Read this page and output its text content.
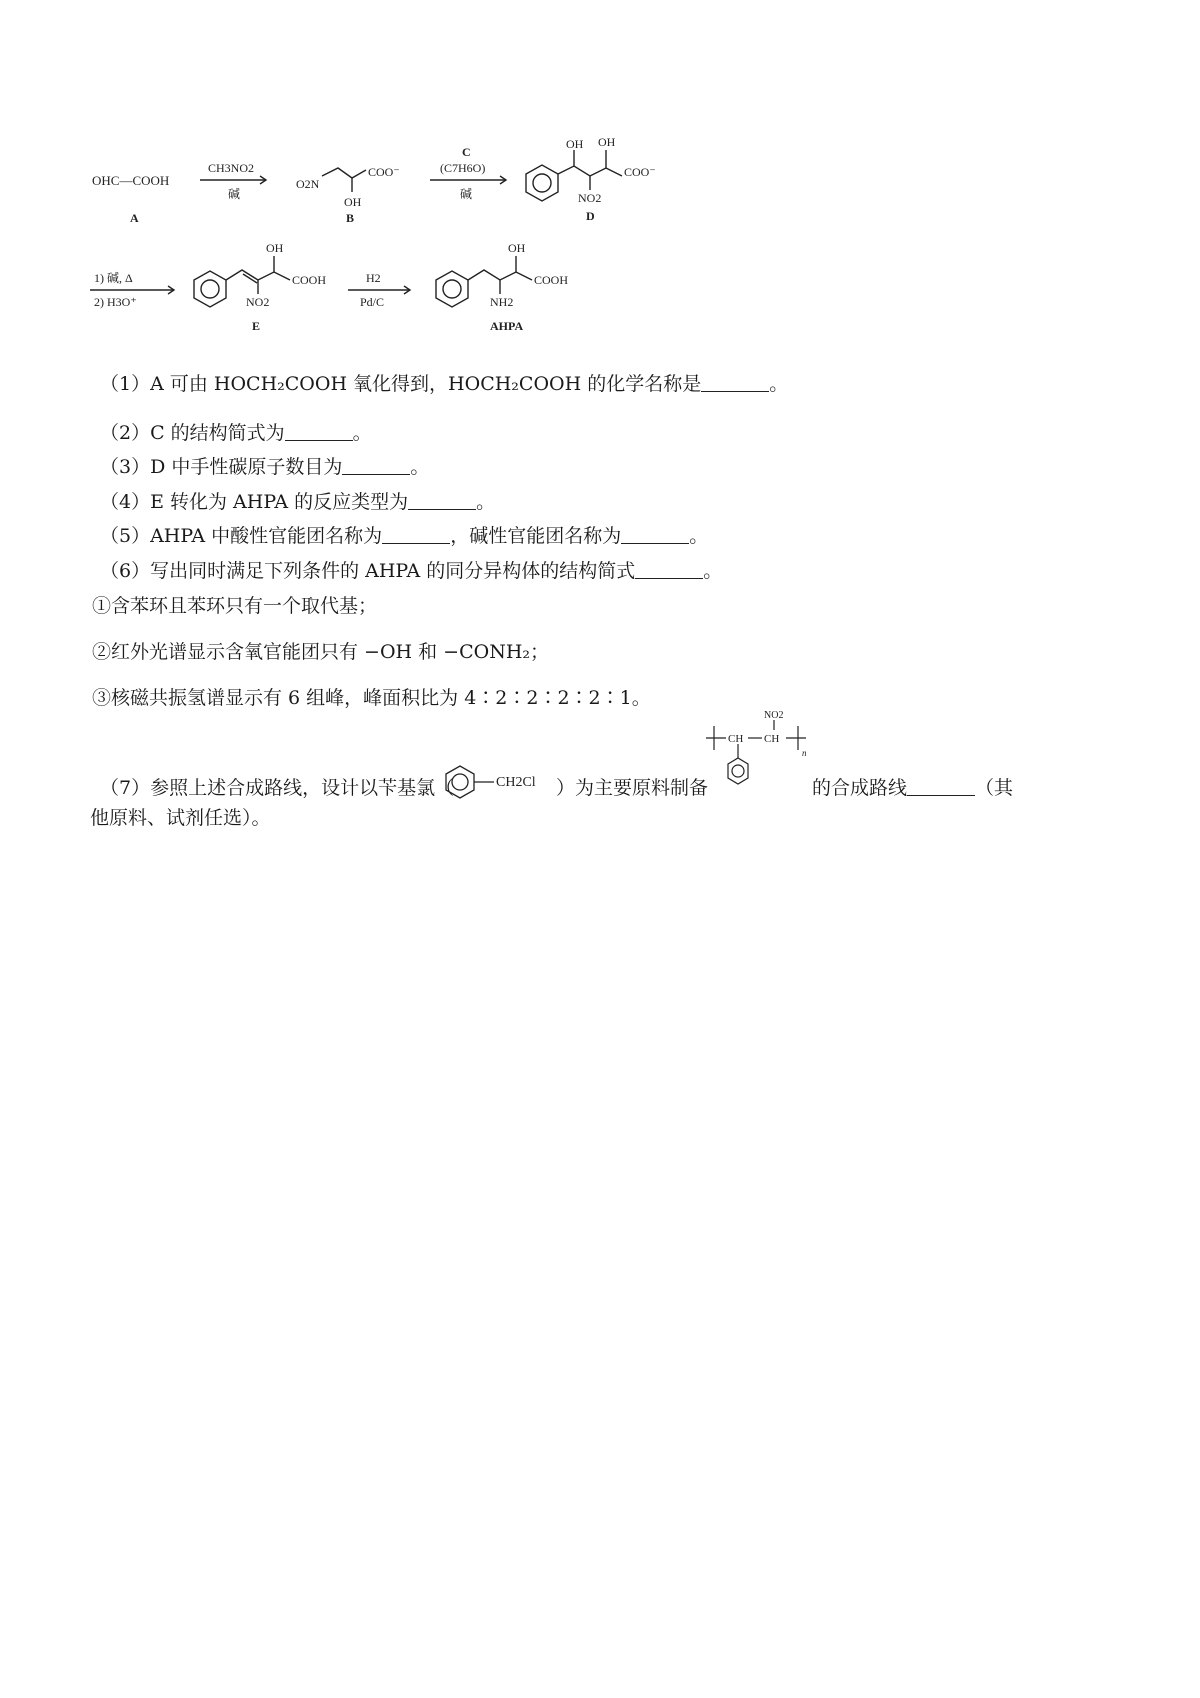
OHC—COOH
A
CH3NO2
碱
O2N
COO⁻
OH
B
C
(C7H6O)
碱
OH OH
COO⁻
NO2
D
1) 碱, Δ
2) H3O⁺
OH
COOH
NO2
E
H2
Pd/C
OH
COOH
NH2
AHPA
（1）A 可由 HOCH₂COOH 氧化得到，HOCH₂COOH 的化学名称是	。
（2）C 的结构简式为	。
（3）D 中手性碳原子数目为	。
（4）E 转化为 AHPA 的反应类型为	。
（5）AHPA 中酸性官能团名称为	，碱性官能团名称为	。
（6）写出同时满足下列条件的 AHPA 的同分异构体的结构简式	。
①含苯环且苯环只有一个取代基；
②红外光谱显示含氧官能团只有 −OH 和 −CONH₂；
③核磁共振氢谱显示有 6 组峰，峰面积比为 4∶2∶2∶2∶2∶1。
（7）参照上述合成路线，设计以苄基氯（	CH2Cl ）为主要原料制备
NO2
CH CH
n
的合成路线	（其
他原料、试剂任选）。
